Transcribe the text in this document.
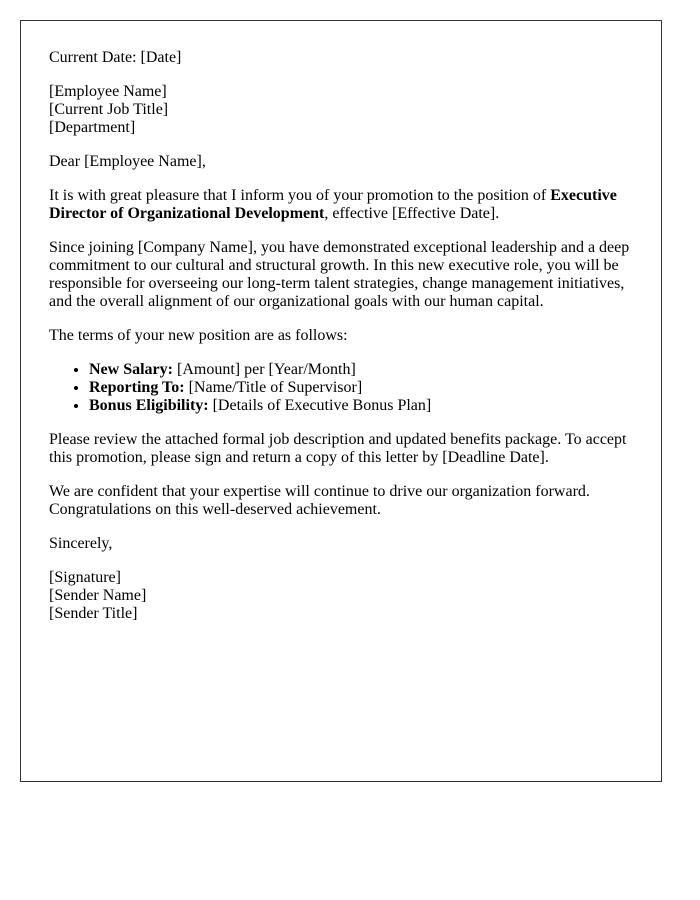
Current Date: [Date]

[Employee Name]
[Current Job Title]
[Department]

Dear [Employee Name],

It is with great pleasure that I inform you of your promotion to the position of Executive Director of Organizational Development, effective [Effective Date].

Since joining [Company Name], you have demonstrated exceptional leadership and a deep commitment to our cultural and structural growth. In this new executive role, you will be responsible for overseeing our long-term talent strategies, change management initiatives, and the overall alignment of our organizational goals with our human capital.

The terms of your new position are as follows:

• New Salary: [Amount] per [Year/Month]
• Reporting To: [Name/Title of Supervisor]
• Bonus Eligibility: [Details of Executive Bonus Plan]

Please review the attached formal job description and updated benefits package. To accept this promotion, please sign and return a copy of this letter by [Deadline Date].

We are confident that your expertise will continue to drive our organization forward. Congratulations on this well-deserved achievement.

Sincerely,

[Signature]
[Sender Name]
[Sender Title]
